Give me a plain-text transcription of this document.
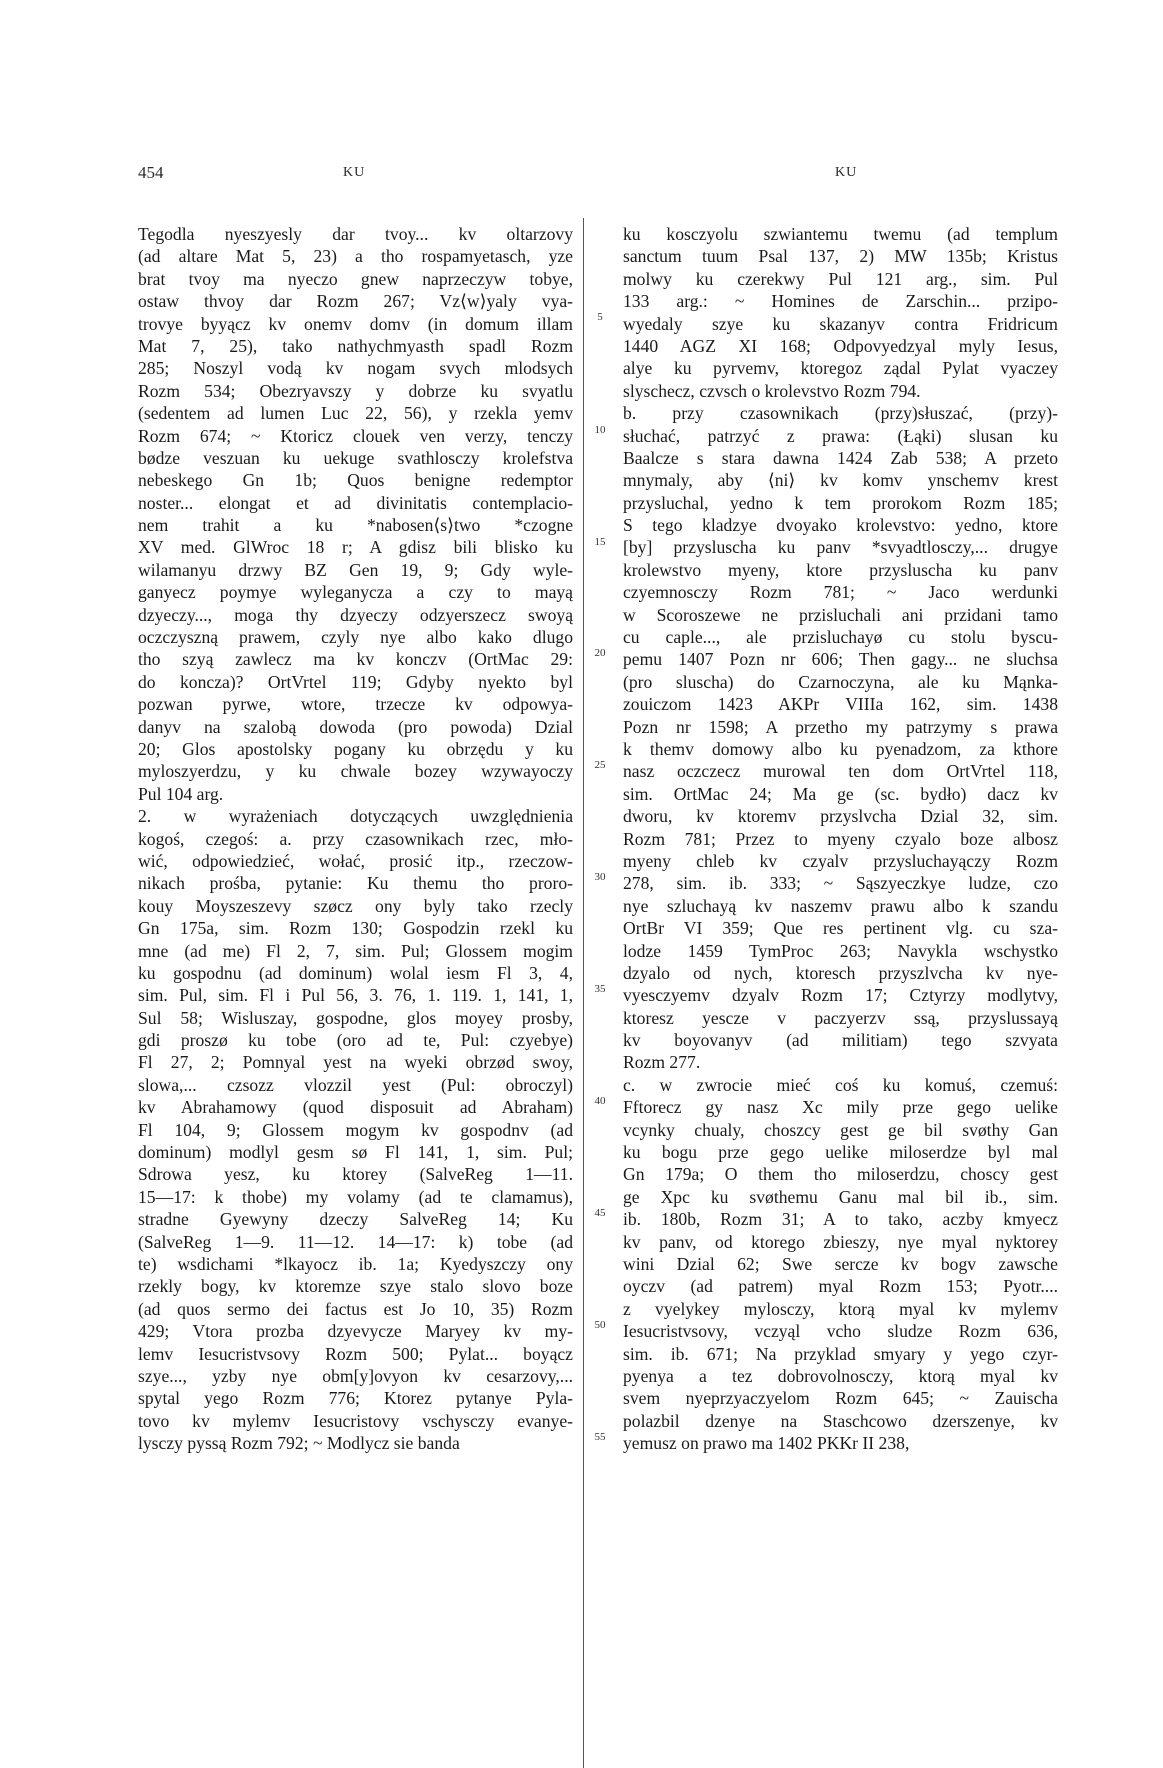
454	KU	KU
Tegodla nyeszyesly dar tvoy... kv oltarzovy
(ad altare Mat 5, 23) a tho rospamyetasch, yze
brat tvoy ma nyeczo gnew naprzeczyw tobye,
ostaw thvoy dar Rozm 267; Vz⟨w⟩yaly vya-
trovye byyącz kv onemv domv (in domum illam
Mat 7, 25), tako nathychmyasth spadl Rozm
285; Noszyl vodą kv nogam svych mlodsych
Rozm 534; Obezryavszy y dobrze ku svyatlu
(sedentem ad lumen Luc 22, 56), y rzekla yemv
Rozm 674; ~ Ktoricz clouek ven verzy, tenczy
bødze veszuan ku uekuge svathlosczy krolefstva
nebeskego Gn 1b; Quos benigne redemptor
noster... elongat et ad divinitatis contemplacio-
nem trahit a ku *nabosen⟨s⟩two *czogne
XV med. GlWroc 18 r; A gdisz bili blisko ku
wilamanyu drzwy BZ Gen 19, 9; Gdy wyle-
ganyecz poymye wyleganycza a czy to mayą
dzyeczy..., moga thy dzyeczy odzyerszecz swoyą
oczczyszną prawem, czyly nye albo kako dlugo
tho szyą zawlecz ma kv konczv (OrtMac 29:
do koncza)? OrtVrtel 119; Gdyby nyekto byl
pozwan pyrwe, wtore, trzecze kv odpowya-
danyv na szalobą dowoda (pro powoda) Dzial
20; Glos apostolsky pogany ku obrzędu y ku
myloszyerdzu, y ku chwale bozey wzywayoczy
Pul 104 arg.
2. w wyrażeniach dotyczących uwzględnienia
kogoś, czegoś: a. przy czasownikach rzec, mło-
wić, odpowiedzieć, wołać, prosić itp., rzeczow-
nikach prośba, pytanie: Ku themu tho proro-
kouy Moyszeszevy szøcz ony byly tako rzecly
Gn 175a, sim. Rozm 130; Gospodzin rzekl ku
mne (ad me) Fl 2, 7, sim. Pul; Glossem mogim
ku gospodnu (ad dominum) wolal iesm Fl 3, 4,
sim. Pul, sim. Fl i Pul 56, 3. 76, 1. 119. 1, 141, 1,
Sul 58; Wisluszay, gospodne, glos moyey prosby,
gdi proszø ku tobe (oro ad te, Pul: czyebye)
Fl 27, 2; Pomnyal yest na wyeki obrzød swoy,
slowa,... czsozz vlozzil yest (Pul: obroczyl)
kv Abrahamowy (quod disposuit ad Abraham)
Fl 104, 9; Glossem mogym kv gospodnv (ad
dominum) modlyl gesm sø Fl 141, 1, sim. Pul;
Sdrowa yesz, ku ktorey (SalveReg 1—11.
15—17: k thobe) my volamy (ad te clamamus),
stradne Gyewyny dzeczy SalveReg 14; Ku
(SalveReg 1—9. 11—12. 14—17: k) tobe (ad
te) wsdichami *lkayocz ib. 1a; Kyedyszczy ony
rzekly bogy, kv ktoremze szye stalo slovo boze
(ad quos sermo dei factus est Jo 10, 35) Rozm
429; Vtora prozba dzyevycze Maryey kv my-
lemv Iesucristvsovy Rozm 500; Pylat... boyącz
szye..., yzby nye obm[y]ovyon kv cesarzovy,...
spytal yego Rozm 776; Ktorez pytanye Pyla-
tovo kv mylemv Iesucristovy vschysczy evanye-
lysczy pyssą Rozm 792; ~ Modlycz sie banda
ku kosczyolu szwiantemu twemu (ad templum
sanctum tuum Psal 137, 2) MW 135b; Kristus
molwy ku czerekwy Pul 121 arg., sim. Pul
133 arg.: ~ Homines de Zarschin... przipo-
wyedaly szye ku skazanyv contra Fridricum
1440 AGZ XI 168; Odpovyedzyal myly Iesus,
alye ku pyrvemv, ktoregoz ządal Pylat vyaczey
slyschecz, czvsch o krolevstvo Rozm 794.
b. przy czasownikach (przy)słuszać, (przy)-
słuchać, patrzyć z prawa: (Łąki) slusan ku
Baalcze s stara dawna 1424 Zab 538; A przeto
mnymaly, aby ⟨ni⟩ kv komv ynschemv krest
przysluchal, yedno k tem prorokom Rozm 185;
S tego kladzye dvoyako krolevstvo: yedno, ktore
[by] przysluscha ku panv *svyadtlosczy,... drugye
krolewstvo myeny, ktore przysluscha ku panv
czyemnosczy Rozm 781; ~ Jaco werdunki
w Scoroszewe ne przisluchali ani przidani tamo
cu caple..., ale przisluchayø cu stolu byscu-
pemu 1407 Pozn nr 606; Then gagy... ne sluchsa
(pro sluscha) do Czarnoczyna, ale ku Mąnka-
zouiczom 1423 AKPr VIIIa 162, sim. 1438
Pozn nr 1598; A przetho my patrzymy s prawa
k themv domowy albo ku pyenadzom, za kthore
nasz oczczecz murowal ten dom OrtVrtel 118,
sim. OrtMac 24; Ma ge (sc. bydło) dacz kv
dworu, kv ktoremv przyslvcha Dzial 32, sim.
Rozm 781; Przez to myeny czyalo boze albosz
myeny chleb kv czyalv przysluchayączy Rozm
278, sim. ib. 333; ~ Sąszyeczkye ludze, czo
nye szluchayą kv naszemv prawu albo k szandu
OrtBr VI 359; Que res pertinent vlg. cu sza-
lodze 1459 TymProc 263; Navykla wschystko
dzyalo od nych, ktoresch przyszlvcha kv nye-
vyesczyemv dzyalv Rozm 17; Cztyrzy modlytvy,
ktoresz yescze v paczyerzv ssą, przyslussayą
kv boyovanyv (ad militiam) tego szvyata
Rozm 277.
c. w zwrocie mieć coś ku komuś, czemuś:
Fftorecz gy nasz Xc mily prze gego uelike
vcynky chualy, choszcy gest ge bil svøthy Gan
ku bogu prze gego uelike miloserdze byl mal
Gn 179a; O them tho miloserdzu, choscy gest
ge Xpc ku svøthemu Ganu mal bil ib., sim.
ib. 180b, Rozm 31; A to tako, aczby kmyecz
kv panv, od ktorego zbieszy, nye myal nyktorey
wini Dzial 62; Swe sercze kv bogv zawsche
oyczv (ad patrem) myal Rozm 153; Pyotr....
z vyelykey mylosczy, ktorą myal kv mylemv
Iesucristvsovy, vczyąl vcho sludze Rozm 636,
sim. ib. 671; Na przyklad smyary y yego czyr-
pyenya a tez dobrovolnosczy, ktorą myal kv
svem nyeprzyaczyelom Rozm 645; ~ Zauischa
polazbil dzenye na Staschcowo dzerszenye, kv
yemusz on prawo ma 1402 PKKr II 238,
5
10
15
20
25
30
35
40
45
50
55
